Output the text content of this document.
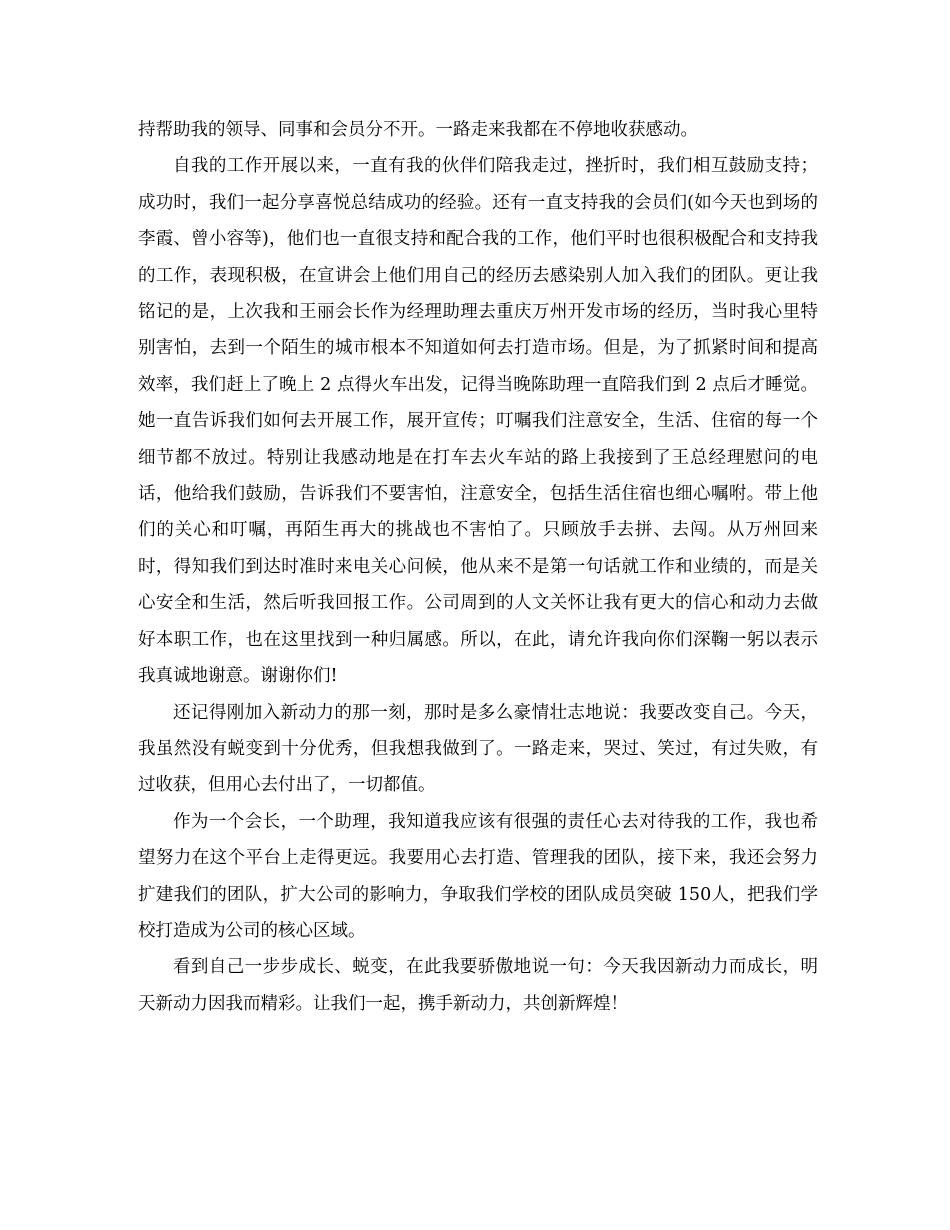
持帮助我的领导、同事和会员分不开。一路走来我都在不停地收获感动。

自我的工作开展以来，一直有我的伙伴们陪我走过，挫折时，我们相互鼓励支持；成功时，我们一起分享喜悦总结成功的经验。还有一直支持我的会员们(如今天也到场的李霞、曾小容等)，他们也一直很支持和配合我的工作，他们平时也很积极配合和支持我的工作，表现积极，在宣讲会上他们用自己的经历去感染别人加入我们的团队。更让我铭记的是，上次我和王丽会长作为经理助理去重庆万州开发市场的经历，当时我心里特别害怕，去到一个陌生的城市根本不知道如何去打造市场。但是，为了抓紧时间和提高效率，我们赶上了晚上 2 点得火车出发，记得当晚陈助理一直陪我们到 2 点后才睡觉。她一直告诉我们如何去开展工作，展开宣传；叮嘱我们注意安全，生活、住宿的每一个细节都不放过。特别让我感动地是在打车去火车站的路上我接到了王总经理慰问的电话，他给我们鼓励，告诉我们不要害怕，注意安全，包括生活住宿也细心嘱咐。带上他们的关心和叮嘱，再陌生再大的挑战也不害怕了。只顾放手去拼、去闯。从万州回来时，得知我们到达时准时来电关心问候，他从来不是第一句话就工作和业绩的，而是关心安全和生活，然后听我回报工作。公司周到的人文关怀让我有更大的信心和动力去做好本职工作，也在这里找到一种归属感。所以，在此，请允许我向你们深鞠一躬以表示我真诚地谢意。谢谢你们!

还记得刚加入新动力的那一刻，那时是多么豪情壮志地说：我要改变自己。今天，我虽然没有蜕变到十分优秀，但我想我做到了。一路走来，哭过、笑过，有过失败，有过收获，但用心去付出了，一切都值。

作为一个会长，一个助理，我知道我应该有很强的责任心去对待我的工作，我也希望努力在这个平台上走得更远。我要用心去打造、管理我的团队，接下来，我还会努力扩建我们的团队，扩大公司的影响力，争取我们学校的团队成员突破 150人，把我们学校打造成为公司的核心区域。

看到自己一步步成长、蜕变，在此我要骄傲地说一句：今天我因新动力而成长，明天新动力因我而精彩。让我们一起，携手新动力，共创新辉煌！
